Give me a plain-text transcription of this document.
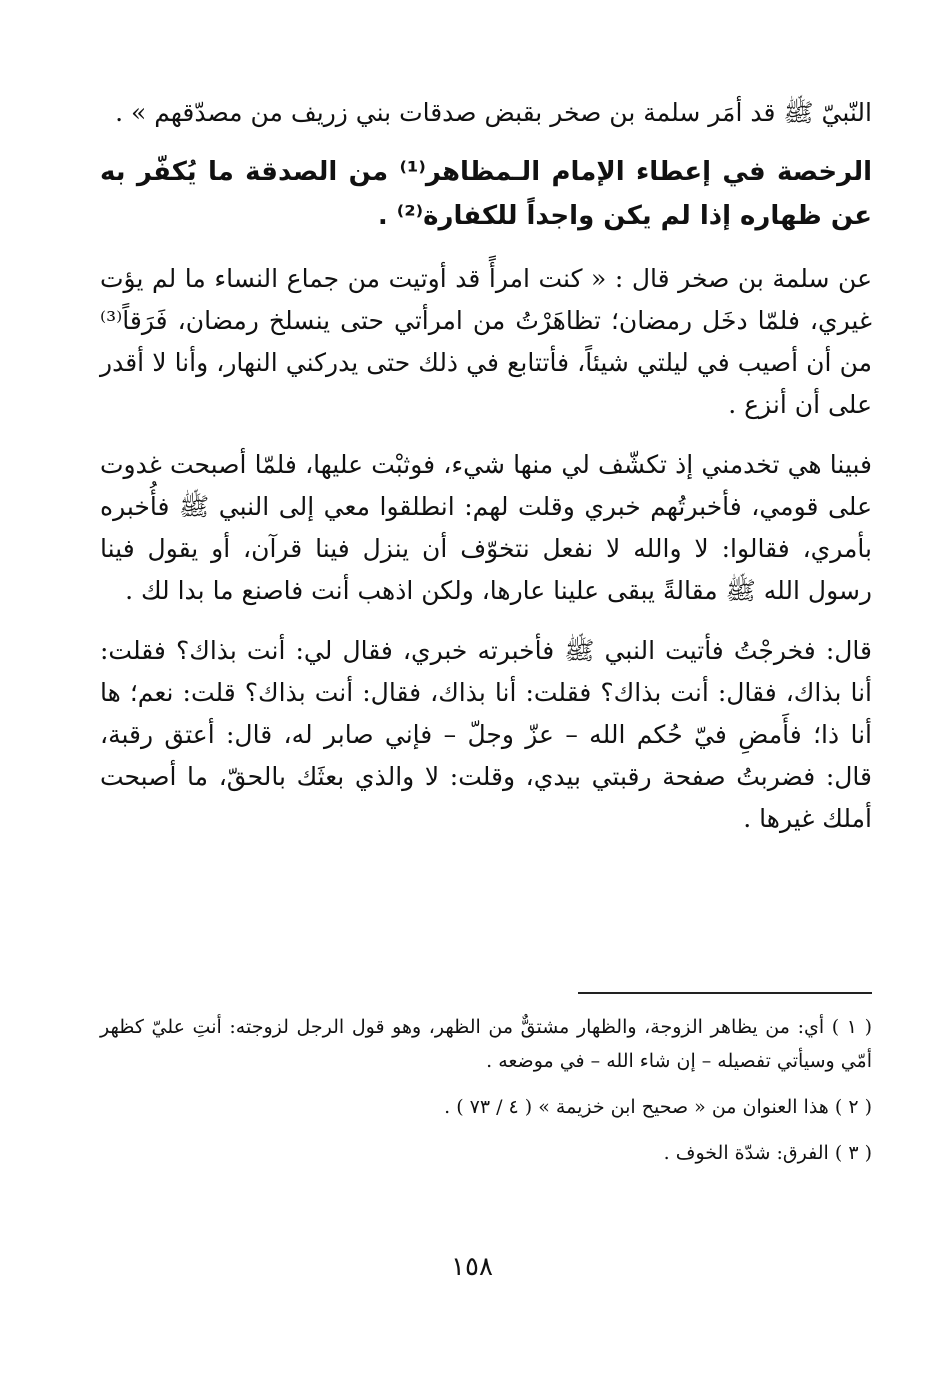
النّبيّ ﷺ قد أمَر سلمة بن صخر بقبض صدقات بني زريف من مصدّقهم » .

الرخصة في إعطاء الإمام الـمظاهر⁽¹⁾ من الصدقة ما يُكفّر به عن ظهاره إذا لم يكن واجداً للكفارة⁽²⁾ .

عن سلمة بن صخر قال : « كنت امرأً قد أوتيت من جماع النساء ما لم يؤت غيري، فلمّا دخَل رمضان؛ تظاهَرْتُ من امرأتي حتى ينسلخ رمضان، فَرَقاً⁽³⁾ من أن أصيب في ليلتي شيئاً، فأتتابع في ذلك حتى يدركني النهار، وأنا لا أقدر على أن أنزع .

فبينا هي تخدمني إذ تكشّف لي منها شيء، فوثبْت عليها، فلمّا أصبحت غدوت على قومي، فأخبرتُهم خبري وقلت لهم: انطلقوا معي إلى النبي ﷺ فأُخبره بأمري، فقالوا: لا والله لا نفعل نتخوّف أن ينزل فينا قرآن، أو يقول فينا رسول الله ﷺ مقالةً يبقى علينا عارها، ولكن اذهب أنت فاصنع ما بدا لك .

قال: فخرجْتُ فأتيت النبي ﷺ فأخبرته خبري، فقال لي: أنت بذاك؟ فقلت: أنا بذاك، فقال: أنت بذاك؟ فقلت: أنا بذاك، فقال: أنت بذاك؟ قلت: نعم؛ ها أنا ذا؛ فأَمضِ فيّ حُكم الله – عزّ وجلّ – فإني صابر له، قال: أعتق رقبة، قال: فضربتُ صفحة رقبتي بيدي، وقلت: لا والذي بعثَك بالحقّ، ما أصبحت أملك غيرها .

( ١ ) أي: من يظاهر الزوجة، والظهار مشتقٌّ من الظهر، وهو قول الرجل لزوجته: أنتِ عليّ كظهر أمّي وسيأتي تفصيله – إن شاء الله – في موضعه .

( ٢ ) هذا العنوان من « صحيح ابن خزيمة » ( ٤ / ٧٣ ) .

( ٣ ) الفرق: شدّة الخوف .

١٥٨
